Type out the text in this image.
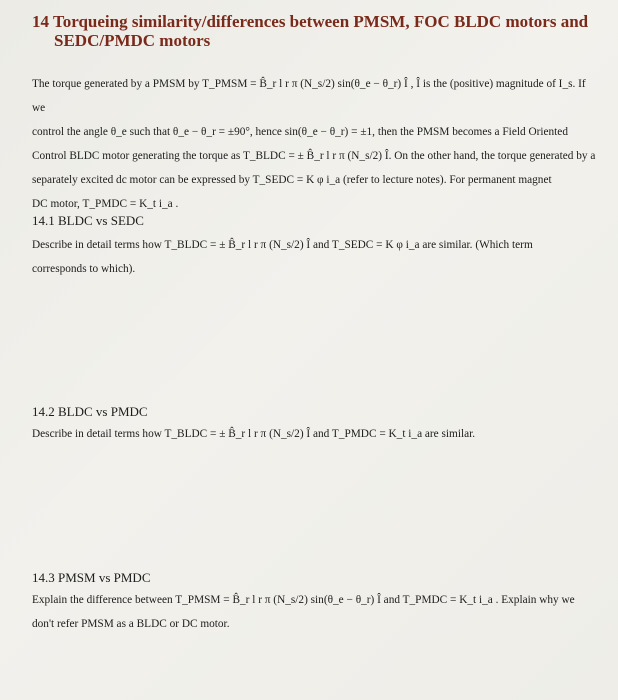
14 Torqueing similarity/differences between PMSM, FOC BLDC motors and
SEDC/PMDC motors
The torque generated by a PMSM by T_PMSM = B̂_r l r π (N_s/2) sin(θ_e − θ_r) Î , Î is the (positive) magnitude of I_s. If we
control the angle θ_e such that θ_e − θ_r = ±90°, hence sin(θ_e − θ_r) = ±1, then the PMSM becomes a Field Oriented
Control BLDC motor generating the torque as T_BLDC = ± B̂_r l r π (N_s/2) Î. On the other hand, the torque generated by a
separately excited dc motor can be expressed by T_SEDC = K φ i_a (refer to lecture notes). For permanent magnet
DC motor, T_PMDC = K_t i_a .
14.1 BLDC vs SEDC
Describe in detail terms how T_BLDC = ± B̂_r l r π (N_s/2) Î and T_SEDC = K φ i_a are similar. (Which term
corresponds to which).
14.2 BLDC vs PMDC
Describe in detail terms how T_BLDC = ± B̂_r l r π (N_s/2) Î and T_PMDC = K_t i_a are similar.
14.3 PMSM vs PMDC
Explain the difference between T_PMSM = B̂_r l r π (N_s/2) sin(θ_e − θ_r) Î and T_PMDC = K_t i_a . Explain why we
don't refer PMSM as a BLDC or DC motor.
